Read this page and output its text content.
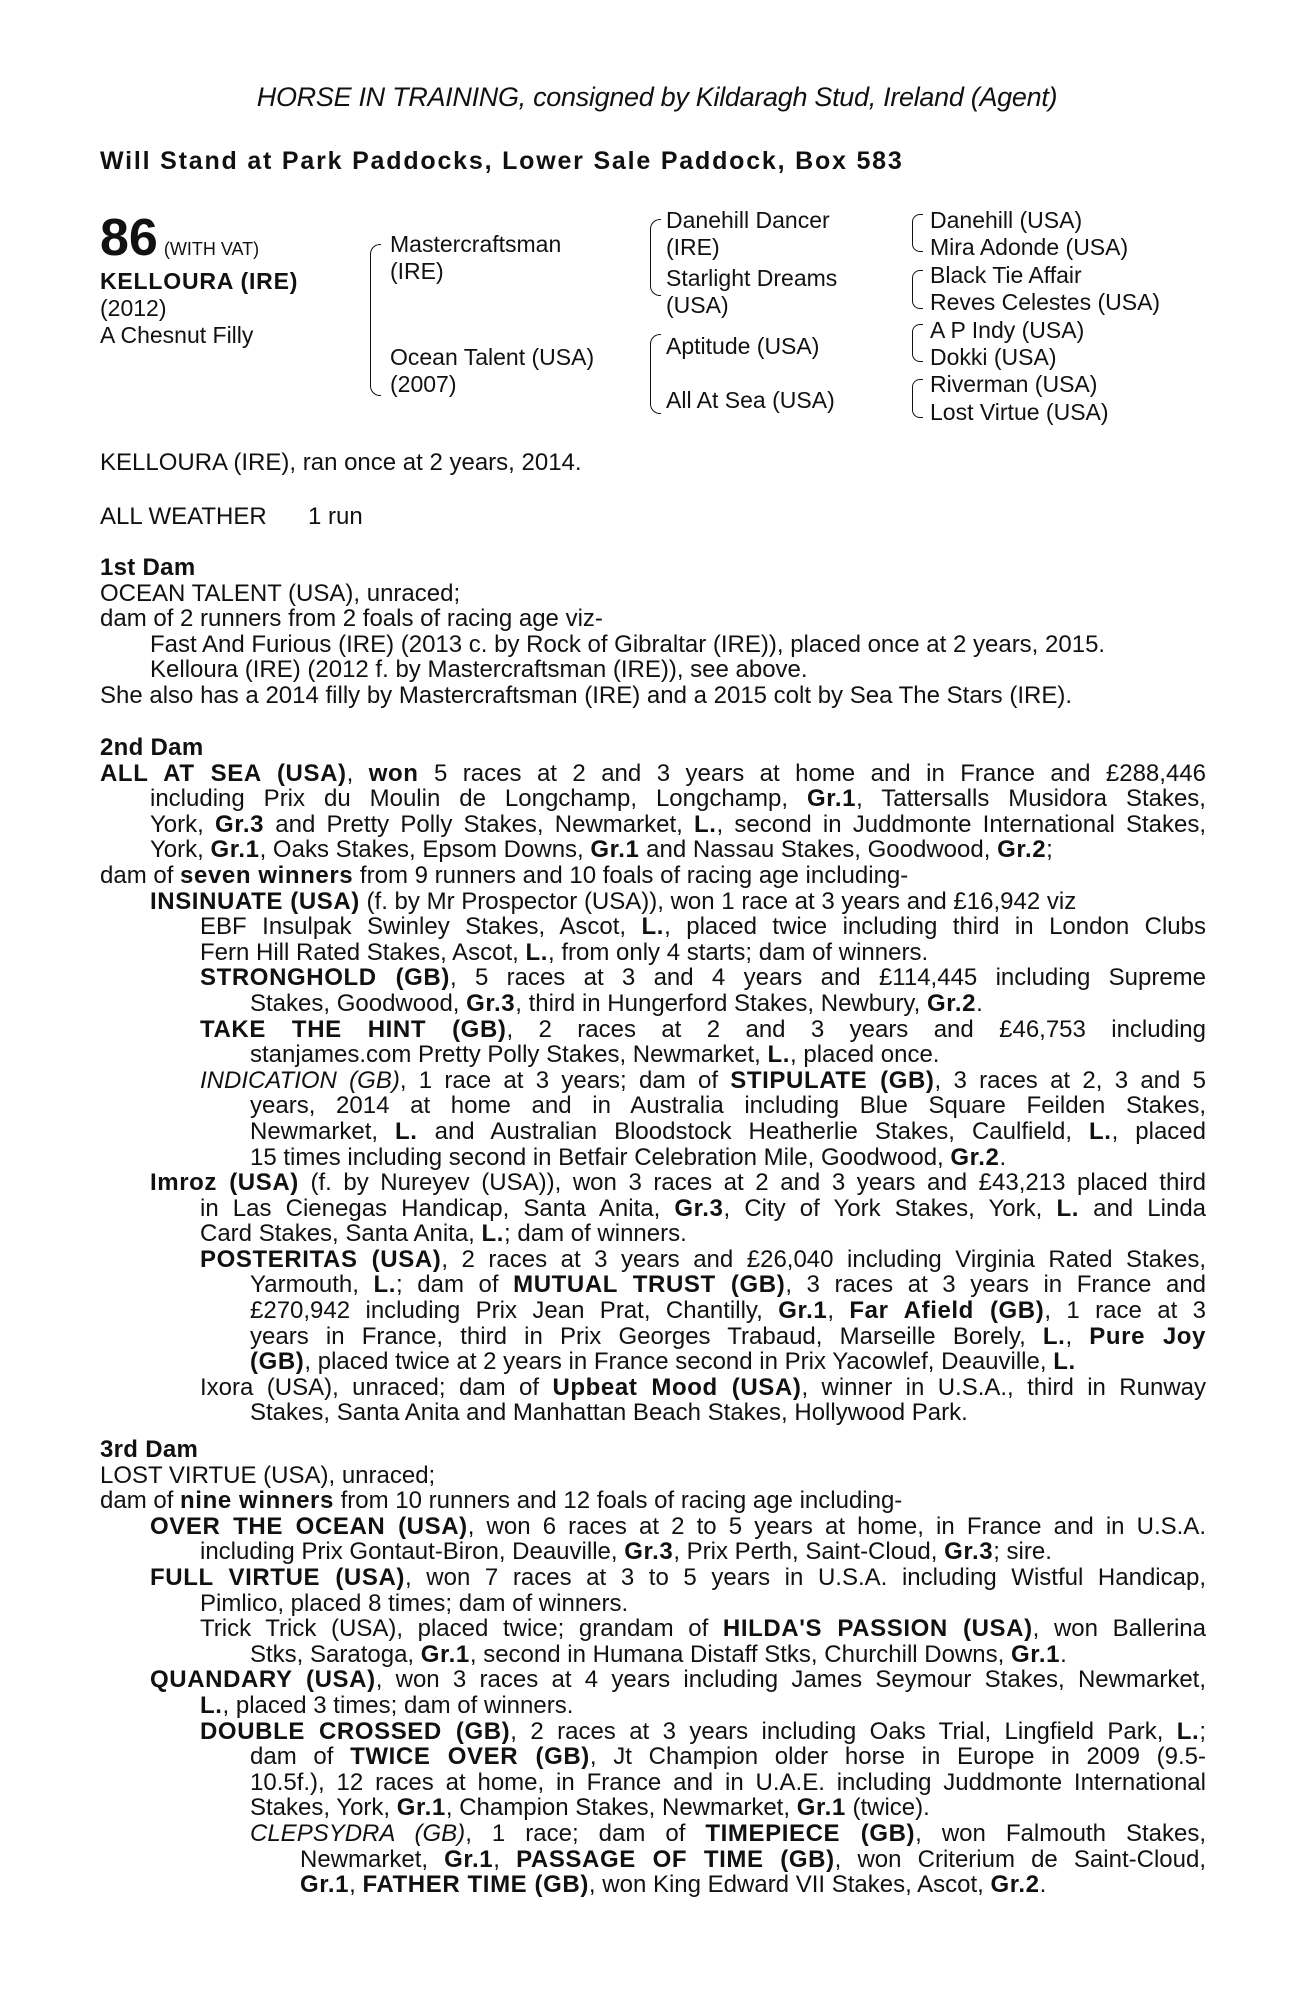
HORSE IN TRAINING, consigned by Kildaragh Stud, Ireland (Agent)
Will Stand at Park Paddocks, Lower Sale Paddock, Box 583
86 (WITH VAT)
KELLOURA (IRE)
(2012)
A Chesnut Filly
Mastercraftsman
(IRE)
Ocean Talent (USA)
(2007)
Danehill Dancer
(IRE)
Starlight Dreams
(USA)
Aptitude (USA)
All At Sea (USA)
Danehill (USA)
Mira Adonde (USA)
Black Tie Affair
Reves Celestes (USA)
A P Indy (USA)
Dokki (USA)
Riverman (USA)
Lost Virtue (USA)
KELLOURA (IRE), ran once at 2 years, 2014.
ALL WEATHER 1 run
1st Dam
OCEAN TALENT (USA), unraced;
dam of 2 runners from 2 foals of racing age viz-
Fast And Furious (IRE) (2013 c. by Rock of Gibraltar (IRE)), placed once at 2 years, 2015.
Kelloura (IRE) (2012 f. by Mastercraftsman (IRE)), see above.
She also has a 2014 filly by Mastercraftsman (IRE) and a 2015 colt by Sea The Stars (IRE).
2nd Dam
ALL AT SEA (USA), won 5 races at 2 and 3 years at home and in France and £288,446
including Prix du Moulin de Longchamp, Longchamp, Gr.1, Tattersalls Musidora Stakes,
York, Gr.3 and Pretty Polly Stakes, Newmarket, L., second in Juddmonte International Stakes,
York, Gr.1, Oaks Stakes, Epsom Downs, Gr.1 and Nassau Stakes, Goodwood, Gr.2;
dam of seven winners from 9 runners and 10 foals of racing age including-
INSINUATE (USA) (f. by Mr Prospector (USA)), won 1 race at 3 years and £16,942 viz
EBF Insulpak Swinley Stakes, Ascot, L., placed twice including third in London Clubs
Fern Hill Rated Stakes, Ascot, L., from only 4 starts; dam of winners.
STRONGHOLD (GB), 5 races at 3 and 4 years and £114,445 including Supreme
Stakes, Goodwood, Gr.3, third in Hungerford Stakes, Newbury, Gr.2.
TAKE THE HINT (GB), 2 races at 2 and 3 years and £46,753 including
stanjames.com Pretty Polly Stakes, Newmarket, L., placed once.
INDICATION (GB), 1 race at 3 years; dam of STIPULATE (GB), 3 races at 2, 3 and 5
years, 2014 at home and in Australia including Blue Square Feilden Stakes,
Newmarket, L. and Australian Bloodstock Heatherlie Stakes, Caulfield, L., placed
15 times including second in Betfair Celebration Mile, Goodwood, Gr.2.
Imroz (USA) (f. by Nureyev (USA)), won 3 races at 2 and 3 years and £43,213 placed third
in Las Cienegas Handicap, Santa Anita, Gr.3, City of York Stakes, York, L. and Linda
Card Stakes, Santa Anita, L.; dam of winners.
POSTERITAS (USA), 2 races at 3 years and £26,040 including Virginia Rated Stakes,
Yarmouth, L.; dam of MUTUAL TRUST (GB), 3 races at 3 years in France and
£270,942 including Prix Jean Prat, Chantilly, Gr.1, Far Afield (GB), 1 race at 3
years in France, third in Prix Georges Trabaud, Marseille Borely, L., Pure Joy
(GB), placed twice at 2 years in France second in Prix Yacowlef, Deauville, L.
Ixora (USA), unraced; dam of Upbeat Mood (USA), winner in U.S.A., third in Runway
Stakes, Santa Anita and Manhattan Beach Stakes, Hollywood Park.
3rd Dam
LOST VIRTUE (USA), unraced;
dam of nine winners from 10 runners and 12 foals of racing age including-
OVER THE OCEAN (USA), won 6 races at 2 to 5 years at home, in France and in U.S.A.
including Prix Gontaut-Biron, Deauville, Gr.3, Prix Perth, Saint-Cloud, Gr.3; sire.
FULL VIRTUE (USA), won 7 races at 3 to 5 years in U.S.A. including Wistful Handicap,
Pimlico, placed 8 times; dam of winners.
Trick Trick (USA), placed twice; grandam of HILDA'S PASSION (USA), won Ballerina
Stks, Saratoga, Gr.1, second in Humana Distaff Stks, Churchill Downs, Gr.1.
QUANDARY (USA), won 3 races at 4 years including James Seymour Stakes, Newmarket,
L., placed 3 times; dam of winners.
DOUBLE CROSSED (GB), 2 races at 3 years including Oaks Trial, Lingfield Park, L.;
dam of TWICE OVER (GB), Jt Champion older horse in Europe in 2009 (9.5-
10.5f.), 12 races at home, in France and in U.A.E. including Juddmonte International
Stakes, York, Gr.1, Champion Stakes, Newmarket, Gr.1 (twice).
CLEPSYDRA (GB), 1 race; dam of TIMEPIECE (GB), won Falmouth Stakes,
Newmarket, Gr.1, PASSAGE OF TIME (GB), won Criterium de Saint-Cloud,
Gr.1, FATHER TIME (GB), won King Edward VII Stakes, Ascot, Gr.2.
